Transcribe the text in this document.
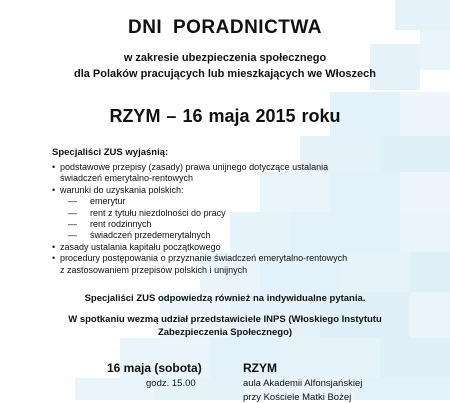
DNI PORADNICTWA
w zakresie ubezpieczenia społecznego
dla Polaków pracujących lub mieszkających we Włoszech
RZYM – 16 maja 2015 roku
Specjaliści ZUS wyjaśnią:
• podstawowe przepisy (zasady) prawa unijnego dotyczące ustalania
świadczeń emerytalno-rentowych
• warunki do uzyskania polskich:
— emerytur
— rent z tytułu niezdolności do pracy
— rent rodzinnych
— świadczeń przedemerytalnych
• zasady ustalania kapitału początkowego
• procedury postępowania o przyznanie świadczeń emerytalno-rentowych
z zastosowaniem przepisów polskich i unijnych
Specjaliści ZUS odpowiedzą również na indywidualne pytania.
W spotkaniu wezmą udział przedstawiciele INPS (Włoskiego Instytutu
Zabezpieczenia Społecznego)
16 maja (sobota)
godz. 15.00
RZYM
aula Akademii Alfonsjańskiej
przy Kościele Matki Bożej
